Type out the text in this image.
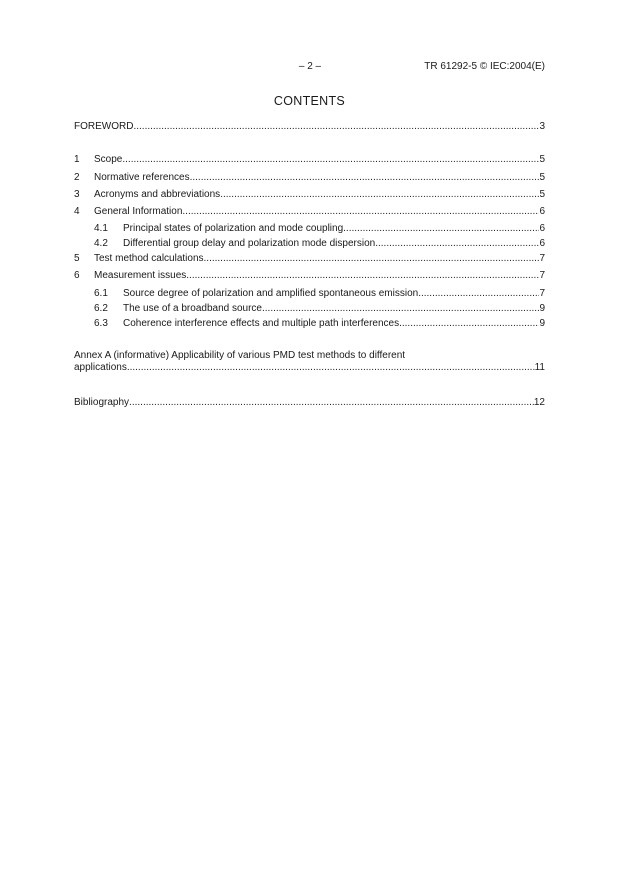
– 2 –	TR 61292-5 © IEC:2004(E)
CONTENTS
FOREWORD .....	3
1	Scope .....	5
2	Normative references .....	5
3	Acronyms and abbreviations .....	5
4	General Information .....	6
4.1	Principal states of polarization and mode coupling .....	6
4.2	Differential group delay and polarization mode dispersion .....	6
5	Test method calculations .....	7
6	Measurement issues .....	7
6.1	Source degree of polarization and amplified spontaneous emission .....	7
6.2	The use of a broadband source .....	9
6.3	Coherence interference effects and multiple path interferences .....	9
Annex A (informative) Applicability of various PMD test methods to different
applications .....	11
Bibliography .....	12
